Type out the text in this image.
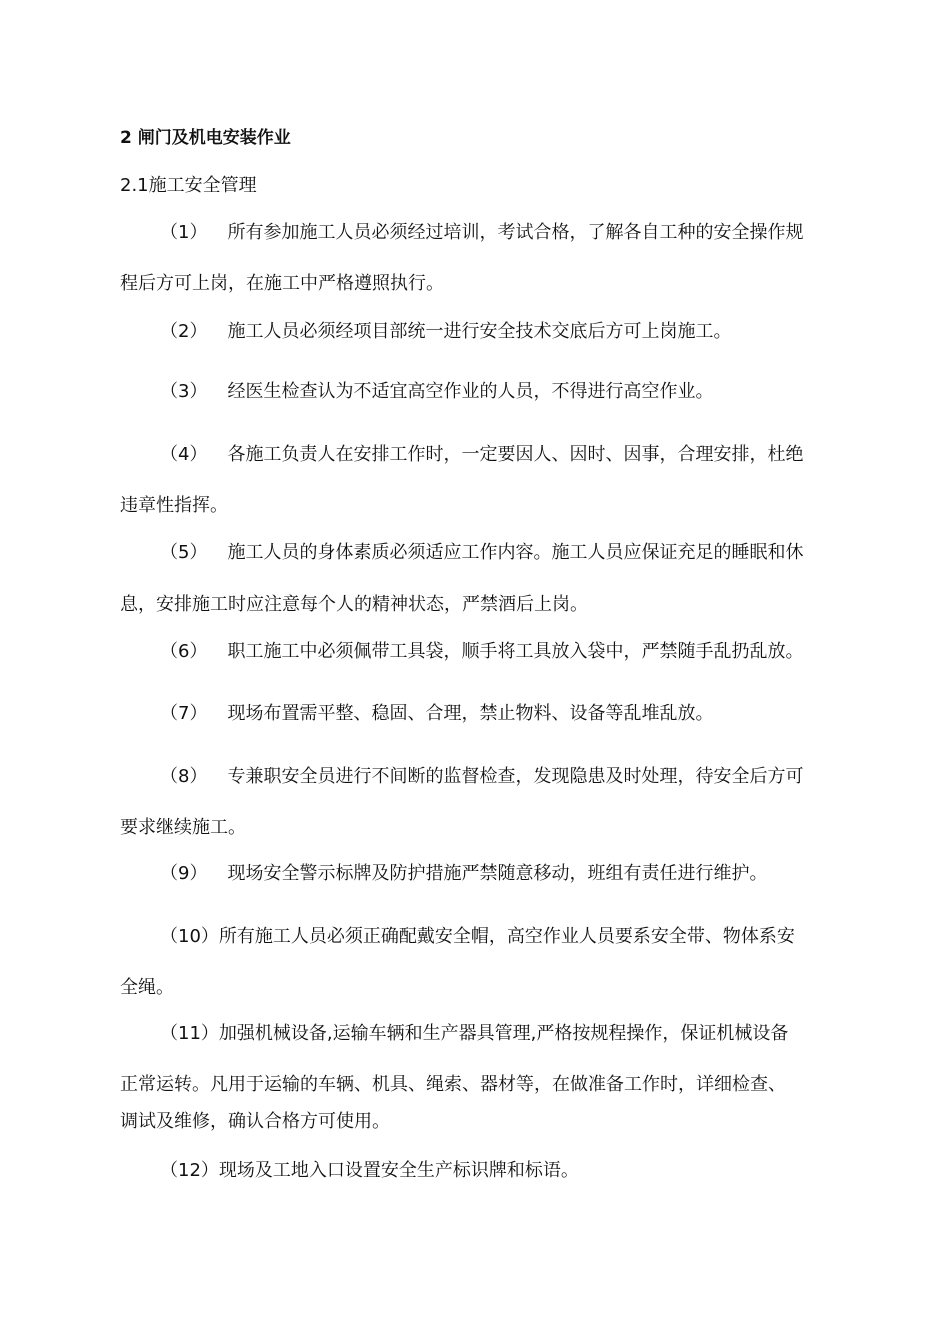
2 闸门及机电安装作业
2.1施工安全管理
（1） 所有参加施工人员必须经过培训，考试合格，了解各自工种的安全操作规
程后方可上岗，在施工中严格遵照执行。
（2） 施工人员必须经项目部统一进行安全技术交底后方可上岗施工。
（3） 经医生检查认为不适宜高空作业的人员，不得进行高空作业。
（4） 各施工负责人在安排工作时，一定要因人、因时、因事，合理安排，杜绝
违章性指挥。
（5） 施工人员的身体素质必须适应工作内容。施工人员应保证充足的睡眠和休
息，安排施工时应注意每个人的精神状态，严禁酒后上岗。
（6） 职工施工中必须佩带工具袋，顺手将工具放入袋中，严禁随手乱扔乱放。
（7） 现场布置需平整、稳固、合理，禁止物料、设备等乱堆乱放。
（8） 专兼职安全员进行不间断的监督检查，发现隐患及时处理，待安全后方可
要求继续施工。
（9） 现场安全警示标牌及防护措施严禁随意移动，班组有责任进行维护。
（10）所有施工人员必须正确配戴安全帽，高空作业人员要系安全带、物体系安
全绳。
（11）加强机械设备,运输车辆和生产器具管理,严格按规程操作，保证机械设备
正常运转。凡用于运输的车辆、机具、绳索、器材等，在做准备工作时，详细检查、
调试及维修，确认合格方可使用。
（12）现场及工地入口设置安全生产标识牌和标语。
